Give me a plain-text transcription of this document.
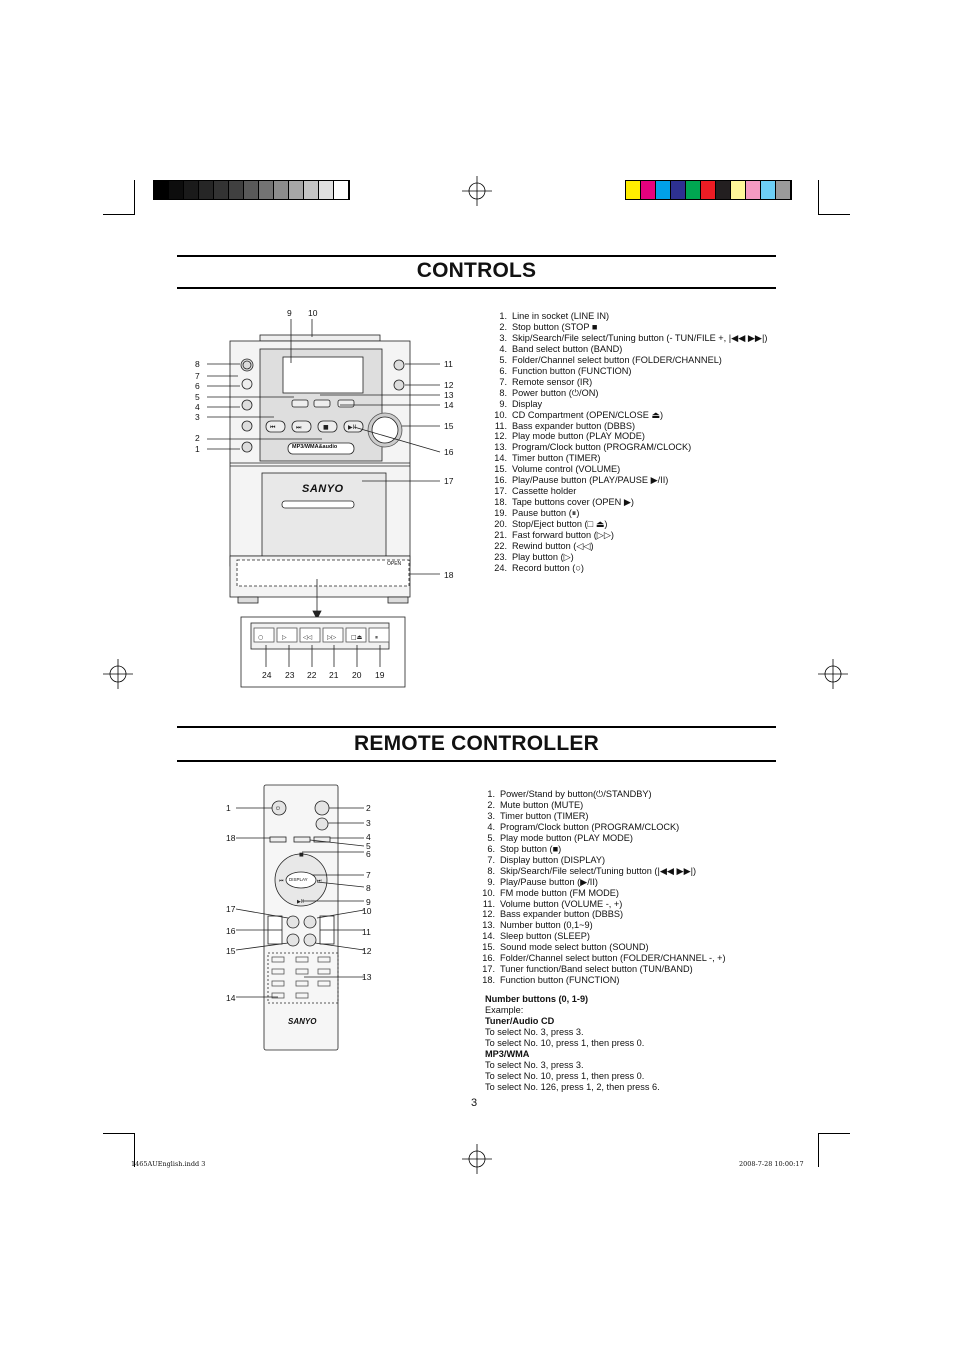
CONTROLS
⏮	⏭	■	▶II
○	▷	◁◁ ▷▷ □⏏ ⏸
SANYO
MP3/WMA&audio
OPEN
9 10
8
7
6
5
4
3
2
1
11
12
13
14
15
16
17
18
24 23 22 21 20 19
1. Line in socket (LINE IN)
2. Stop button (STOP ■
3. Skip/Search/File select/Tuning button (- TUN/FILE +, |◀◀ ▶▶|)
4. Band select button (BAND)
5. Folder/Channel select button (FOLDER/CHANNEL)
6. Function button (FUNCTION)
7. Remote sensor (IR)
8. Power button (⏻/ON)
9. Display
10. CD Compartment (OPEN/CLOSE ⏏)
11. Bass expander button (DBBS)
12. Play mode button (PLAY MODE)
13. Program/Clock button (PROGRAM/CLOCK)
14. Timer button (TIMER)
15. Volume control (VOLUME)
16. Play/Pause button (PLAY/PAUSE ▶/II)
17. Cassette holder
18. Tape buttons cover (OPEN ▶)
19. Pause button (⏸)
20. Stop/Eject button (□ ⏏)
21. Fast forward button (▷▷)
22. Rewind button (◁◁)
23. Play button (▷)
24. Record button (○)
REMOTE CONTROLLER
⏻
■
⏮	⏭
▶II
DISPLAY
SANYO
1	2
3
4
5
6
7
8
9
10
11
12
13
18
17
16
15
14
1. Power/Stand by button(⏻/STANDBY)
2. Mute button (MUTE)
3. Timer button (TIMER)
4. Program/Clock button (PROGRAM/CLOCK)
5. Play mode button (PLAY MODE)
6. Stop button (■)
7. Display button (DISPLAY)
8. Skip/Search/File select/Tuning button (|◀◀ ▶▶|)
9. Play/Pause button (▶/II)
10. FM mode button (FM MODE)
11. Volume button (VOLUME -, +)
12. Bass expander button (DBBS)
13. Number button (0,1~9)
14. Sleep button (SLEEP)
15. Sound mode select button (SOUND)
16. Folder/Channel select button (FOLDER/CHANNEL -, +)
17. Tuner function/Band select button (TUN/BAND)
18. Function button (FUNCTION)
Number buttons (0, 1-9)
Example:
Tuner/Audio CD
To select No. 3, press 3.
To select No. 10, press 1, then press 0.
MP3/WMA
To select No. 3, press 3.
To select No. 10, press 1, then press 0.
To select No. 126, press 1, 2, then press 6.
3
1465AUEnglish.indd 3	2008-7-28 10:00:17
